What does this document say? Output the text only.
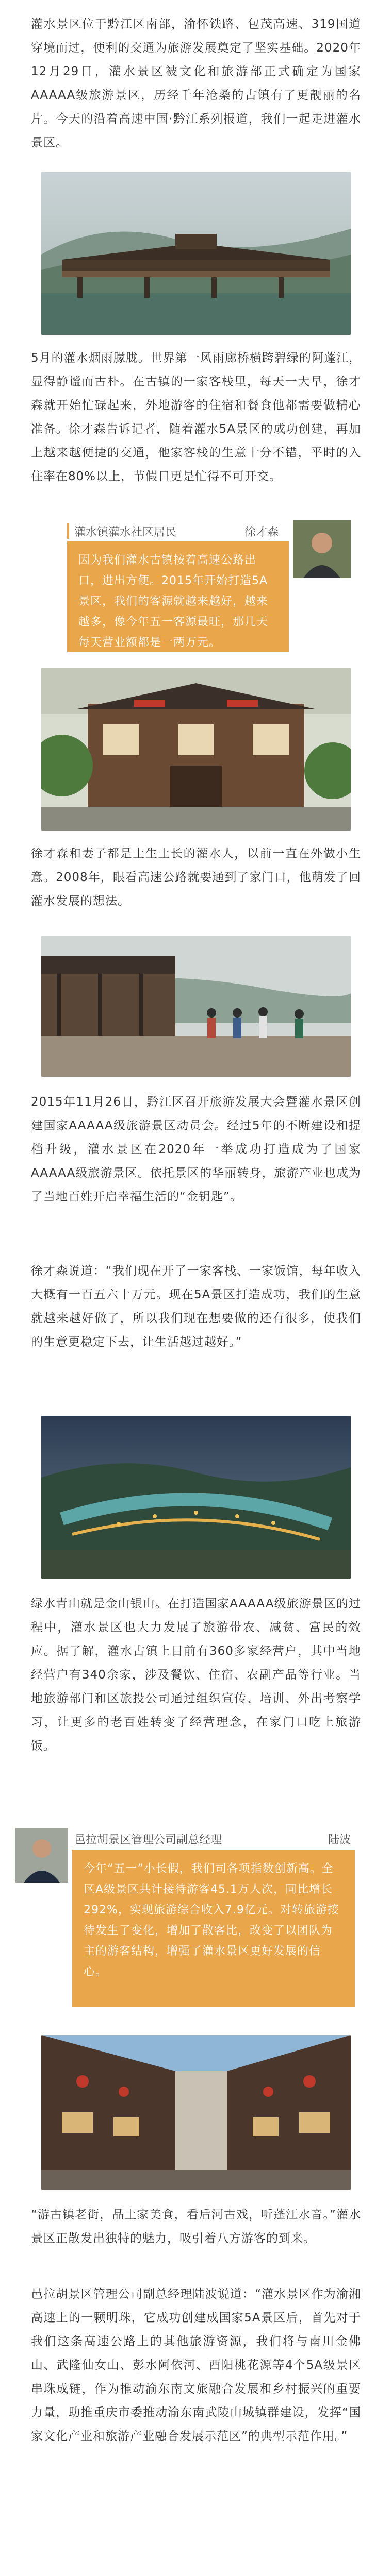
灌水景区位于黔江区南部，渝怀铁路、包茂高速、319国道穿境而过，便利的交通为旅游发展奠定了坚实基础。2020年12月29日，灌水景区被文化和旅游部正式确定为国家AAAAA级旅游景区，历经千年沧桑的古镇有了更靓丽的名片。今天的沿着高速中国·黔江系列报道，我们一起走进灌水景区。

5月的灌水烟雨朦胧。世界第一风雨廊桥横跨碧绿的阿蓬江，显得静谧而古朴。在古镇的一家客栈里，每天一大早，徐才森就开始忙碌起来，外地游客的住宿和餐食他都需要做精心准备。徐才森告诉记者，随着灌水5A景区的成功创建，再加上越来越便捷的交通，他家客栈的生意十分不错，平时的入住率在80%以上，节假日更是忙得不可开交。

灌水镇灌水社区居民	徐才森

因为我们灌水古镇按着高速公路出口，进出方便。2015年开始打造5A景区，我们的客源就越来越好，越来越多，像今年五一客源最旺，那几天每天营业额都是一两万元。

徐才森和妻子都是土生土长的灌水人，以前一直在外做小生意。2008年，眼看高速公路就要通到了家门口，他萌发了回灌水发展的想法。

2015年11月26日，黔江区召开旅游发展大会暨灌水景区创建国家AAAAA级旅游景区动员会。经过5年的不断建设和提档升级，灌水景区在2020年一举成功打造成为了国家AAAAA级旅游景区。依托景区的华丽转身，旅游产业也成为了当地百姓开启幸福生活的“金钥匙”。

徐才森说道：“我们现在开了一家客栈、一家饭馆，每年收入大概有一百五六十万元。现在5A景区打造成功，我们的生意就越来越好做了，所以我们现在想要做的还有很多，使我们的生意更稳定下去，让生活越过越好。”

绿水青山就是金山银山。在打造国家AAAAA级旅游景区的过程中，灌水景区也大力发展了旅游带农、减贫、富民的效应。据了解，灌水古镇上目前有360多家经营户，其中当地经营户有340余家，涉及餐饮、住宿、农副产品等行业。当地旅游部门和区旅投公司通过组织宣传、培训、外出考察学习，让更多的老百姓转变了经营理念，在家门口吃上旅游饭。

邑拉胡景区管理公司副总经理	陆波

今年“五一”小长假，我们司各项指数创新高。全区A级景区共计接待游客45.1万人次，同比增长292%，实现旅游综合收入7.9亿元。对转旅游接待发生了变化，增加了散客比，改变了以团队为主的游客结构，增强了灌水景区更好发展的信心。

“游古镇老街，品土家美食，看后河古戏，听蓬江水音。”灌水景区正散发出独特的魅力，吸引着八方游客的到来。

邑拉胡景区管理公司副总经理陆波说道：“灌水景区作为渝湘高速上的一颗明珠，它成功创建成国家5A景区后，首先对于我们这条高速公路上的其他旅游资源，我们将与南川金佛山、武隆仙女山、彭水阿依河、酉阳桃花源等4个5A级景区串珠成链，作为推动渝东南文旅融合发展和乡村振兴的重要力量，助推重庆市委推动渝东南武陵山城镇群建设，发挥“国家文化产业和旅游产业融合发展示范区”的典型示范作用。”
